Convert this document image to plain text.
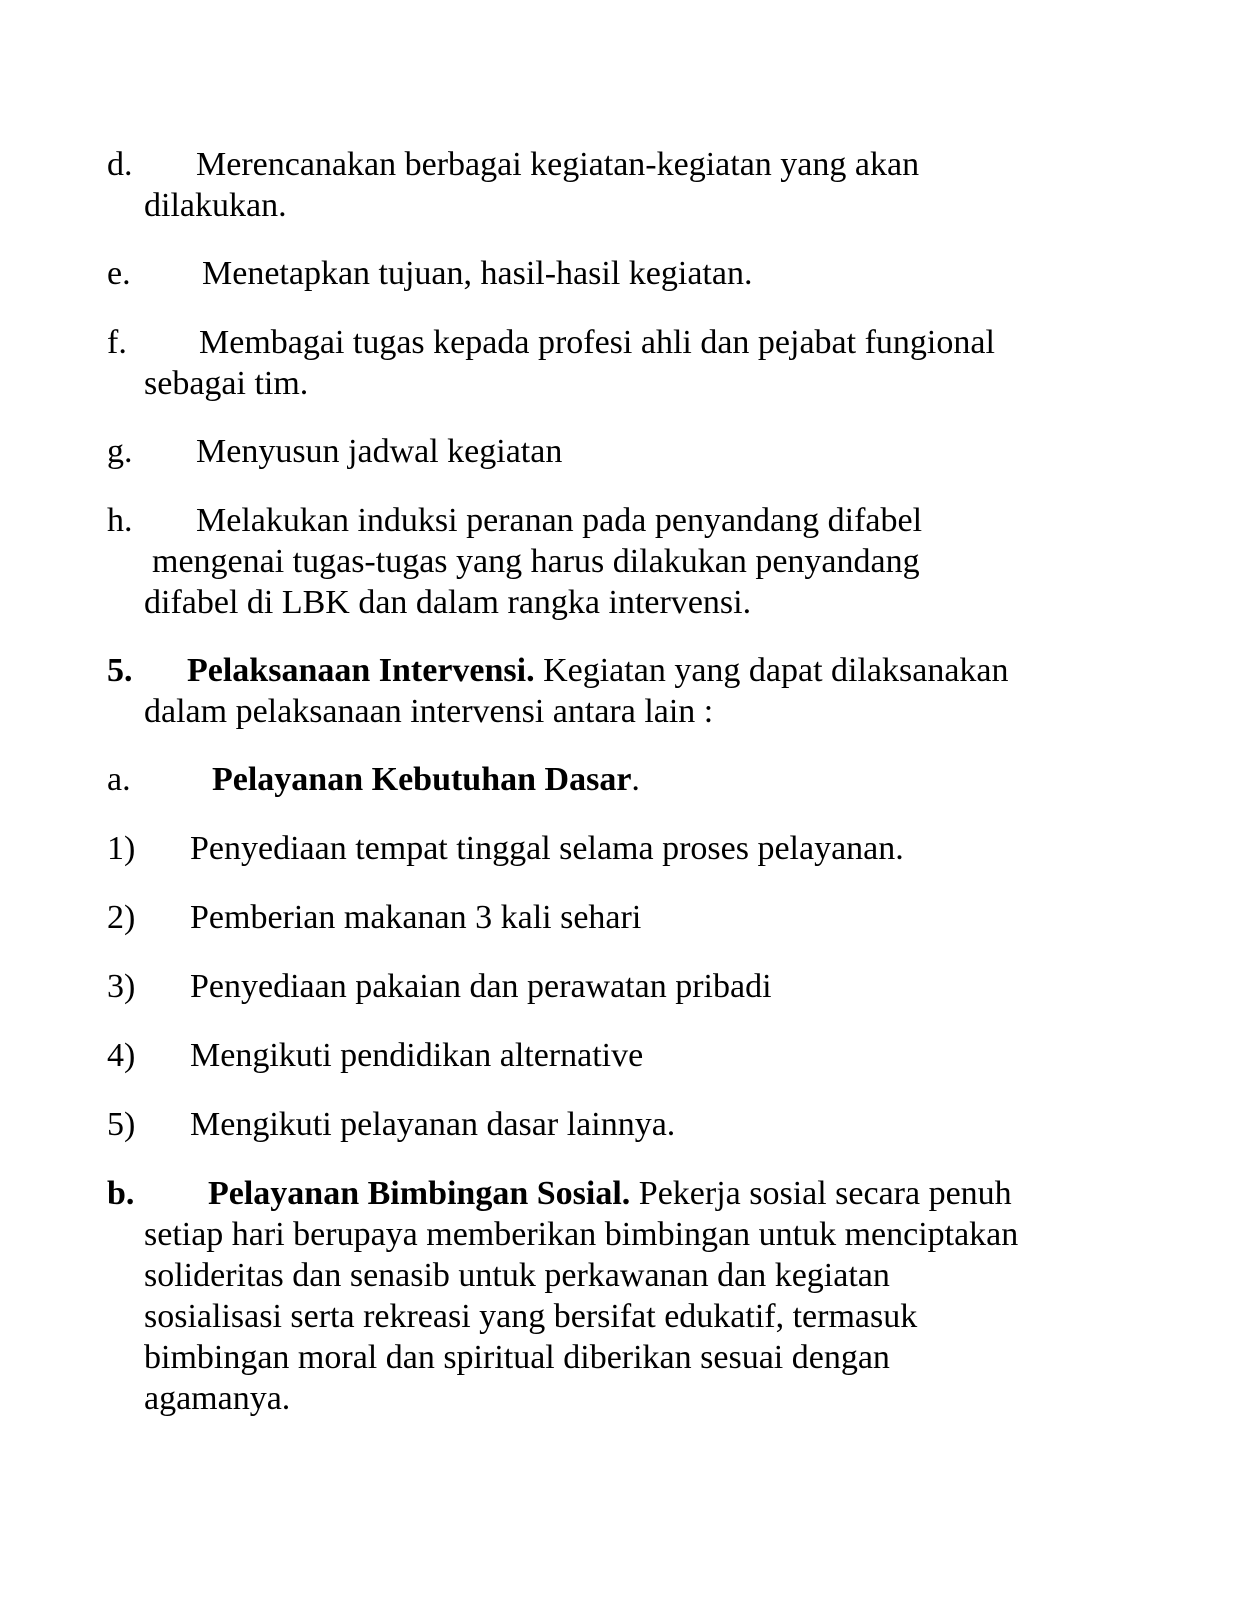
d. Merencanakan berbagai kegiatan-kegiatan yang akan
dilakukan.
e. Menetapkan tujuan, hasil-hasil kegiatan.
f. Membagai tugas kepada profesi ahli dan pejabat fungional
sebagai tim.
g. Menyusun jadwal kegiatan
h. Melakukan induksi peranan pada penyandang difabel
mengenai tugas-tugas yang harus dilakukan penyandang
difabel di LBK dan dalam rangka intervensi.
5. Pelaksanaan Intervensi. Kegiatan yang dapat dilaksanakan
dalam pelaksanaan intervensi antara lain :
a. Pelayanan Kebutuhan Dasar.
1) Penyediaan tempat tinggal selama proses pelayanan.
2) Pemberian makanan 3 kali sehari
3) Penyediaan pakaian dan perawatan pribadi
4) Mengikuti pendidikan alternative
5) Mengikuti pelayanan dasar lainnya.
b. Pelayanan Bimbingan Sosial. Pekerja sosial secara penuh
setiap hari berupaya memberikan bimbingan untuk menciptakan
solideritas dan senasib untuk perkawanan dan kegiatan
sosialisasi serta rekreasi yang bersifat edukatif, termasuk
bimbingan moral dan spiritual diberikan sesuai dengan
agamanya.
